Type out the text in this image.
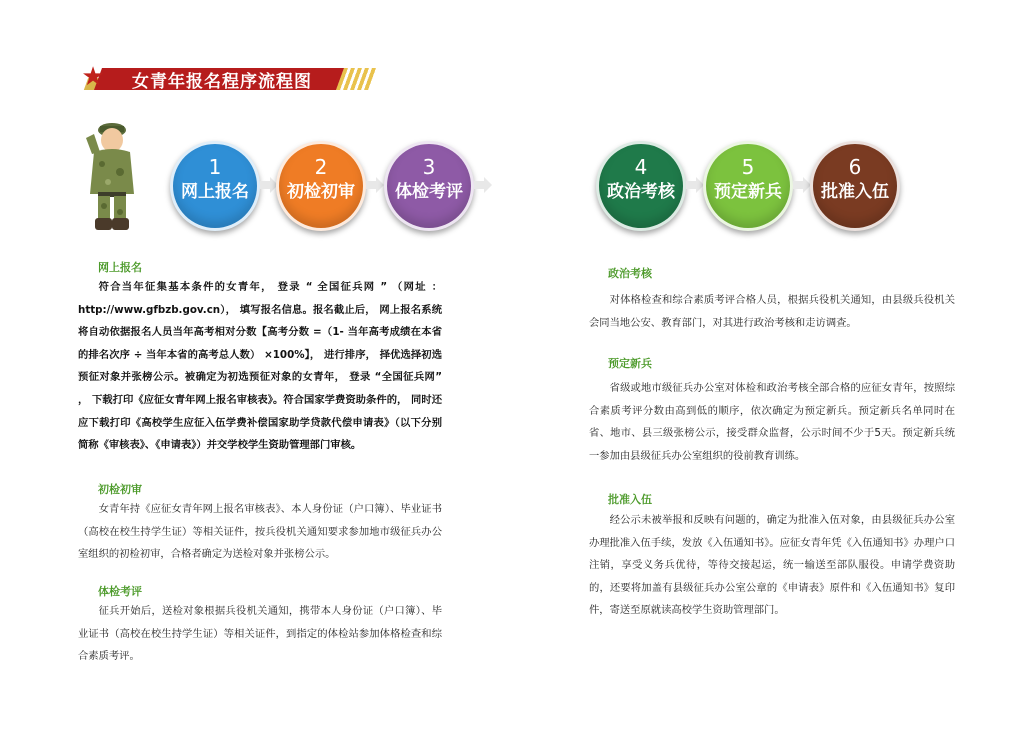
★ 女青年报名程序流程图
1
网上报名
2
初检初审
3
体检考评
4
政治考核
5
预定新兵
6
批准入伍
网上报名

符合当年征集基本条件的女青年， 登录 “ 全国征兵网 ” （网址 ：http://www.gfbzb.gov.cn）， 填写报名信息。报名截止后， 网上报名系统将自动依据报名人员当年高考相对分数【高考分数 =（1- 当年高考成绩在本省的排名次序 ÷ 当年本省的高考总人数） ×100%】， 进行排序， 择优选择初选预征对象并张榜公示。被确定为初选预征对象的女青年， 登录 “全国征兵网” ， 下载打印《应征女青年网上报名审核表》。符合国家学费资助条件的， 同时还应下载打印《高校学生应征入伍学费补偿国家助学贷款代偿申请表》（以下分别简称《审核表》、《申请表》）并交学校学生资助管理部门审核。

初检初审

女青年持《应征女青年网上报名审核表》、本人身份证（户口簿）、毕业证书（高校在校生持学生证）等相关证件，按兵役机关通知要求参加地市级征兵办公室组织的初检初审，合格者确定为送检对象并张榜公示。

体检考评

征兵开始后，送检对象根据兵役机关通知，携带本人身份证（户口簿）、毕业证书（高校在校生持学生证）等相关证件，到指定的体检站参加体格检查和综合素质考评。

政治考核

对体格检查和综合素质考评合格人员，根据兵役机关通知，由县级兵役机关会同当地公安、教育部门，对其进行政治考核和走访调查。

预定新兵

省级或地市级征兵办公室对体检和政治考核全部合格的应征女青年，按照综合素质考评分数由高到低的顺序，依次确定为预定新兵。预定新兵名单同时在省、地市、县三级张榜公示，接受群众监督，公示时间不少于5天。预定新兵统一参加由县级征兵办公室组织的役前教育训练。

批准入伍

经公示未被举报和反映有问题的，确定为批准入伍对象，由县级征兵办公室办理批准入伍手续，发放《入伍通知书》。应征女青年凭《入伍通知书》办理户口注销，享受义务兵优待，等待交接起运，统一输送至部队服役。申请学费资助的，还要将加盖有县级征兵办公室公章的《申请表》原件和《入伍通知书》复印件，寄送至原就读高校学生资助管理部门。
